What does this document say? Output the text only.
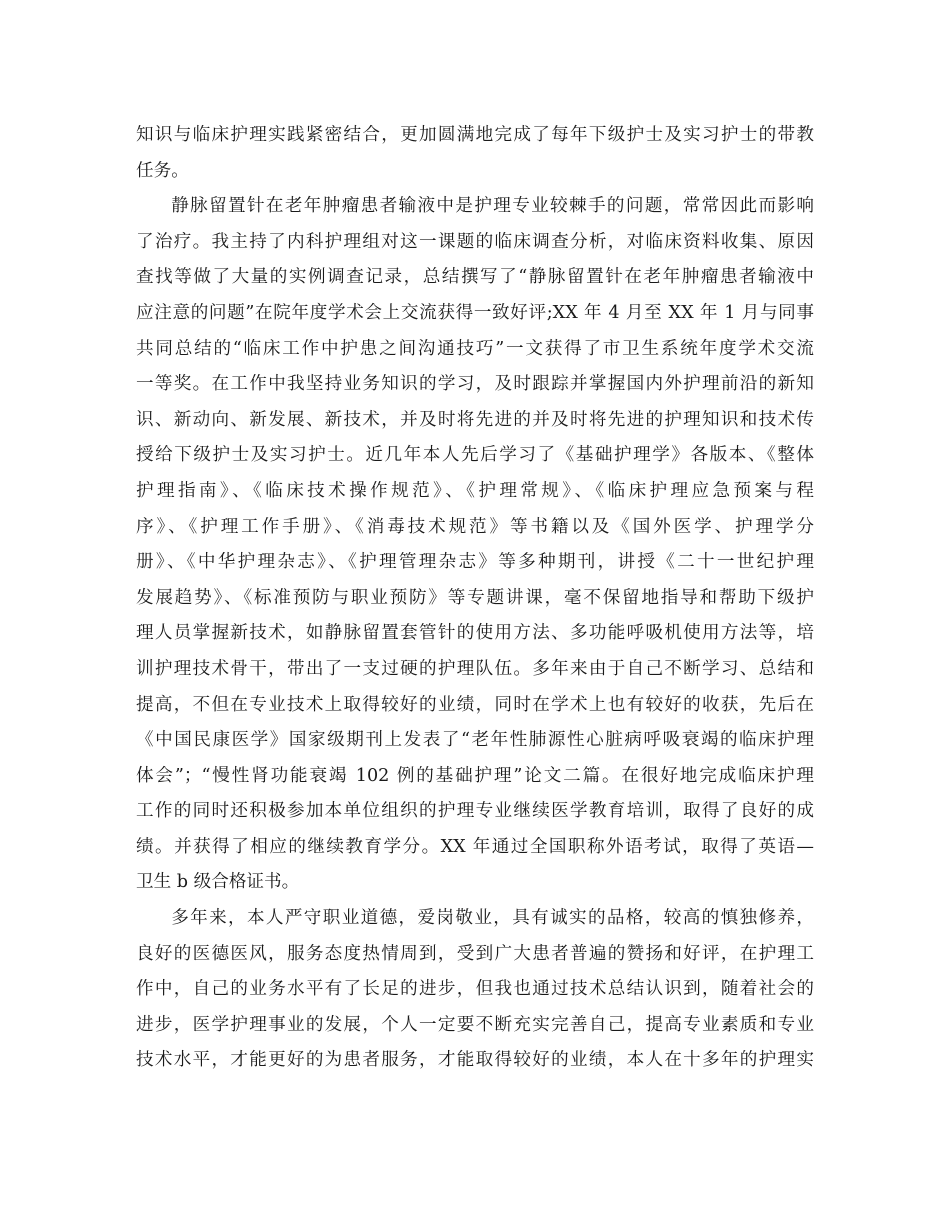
知识与临床护理实践紧密结合，更加圆满地完成了每年下级护士及实习护士的带教
任务。

静脉留置针在老年肿瘤患者输液中是护理专业较棘手的问题，常常因此而影响
了治疗。我主持了内科护理组对这一课题的临床调查分析，对临床资料收集、原因
查找等做了大量的实例调查记录，总结撰写了“静脉留置针在老年肿瘤患者输液中
应注意的问题”在院年度学术会上交流获得一致好评;XX 年 4 月至 XX 年 1 月与同事
共同总结的“临床工作中护患之间沟通技巧”一文获得了市卫生系统年度学术交流
一等奖。在工作中我坚持业务知识的学习，及时跟踪并掌握国内外护理前沿的新知
识、新动向、新发展、新技术，并及时将先进的并及时将先进的护理知识和技术传
授给下级护士及实习护士。近几年本人先后学习了《基础护理学》各版本、《整体
护理指南》、《临床技术操作规范》、《护理常规》、《临床护理应急预案与程
序》、《护理工作手册》、《消毒技术规范》等书籍以及《国外医学、护理学分
册》、《中华护理杂志》、《护理管理杂志》等多种期刊，讲授《二十一世纪护理
发展趋势》、《标准预防与职业预防》等专题讲课，毫不保留地指导和帮助下级护
理人员掌握新技术，如静脉留置套管针的使用方法、多功能呼吸机使用方法等，培
训护理技术骨干，带出了一支过硬的护理队伍。多年来由于自己不断学习、总结和
提高，不但在专业技术上取得较好的业绩，同时在学术上也有较好的收获，先后在
《中国民康医学》国家级期刊上发表了“老年性肺源性心脏病呼吸衰竭的临床护理
体会”；“慢性肾功能衰竭 102 例的基础护理”论文二篇。在很好地完成临床护理
工作的同时还积极参加本单位组织的护理专业继续医学教育培训，取得了良好的成
绩。并获得了相应的继续教育学分。XX 年通过全国职称外语考试，取得了英语—
卫生 b 级合格证书。

多年来，本人严守职业道德，爱岗敬业，具有诚实的品格，较高的慎独修养，
良好的医德医风，服务态度热情周到，受到广大患者普遍的赞扬和好评，在护理工
作中，自己的业务水平有了长足的进步，但我也通过技术总结认识到，随着社会的
进步，医学护理事业的发展，个人一定要不断充实完善自己，提高专业素质和专业
技术水平，才能更好的为患者服务，才能取得较好的业绩，本人在十多年的护理实
